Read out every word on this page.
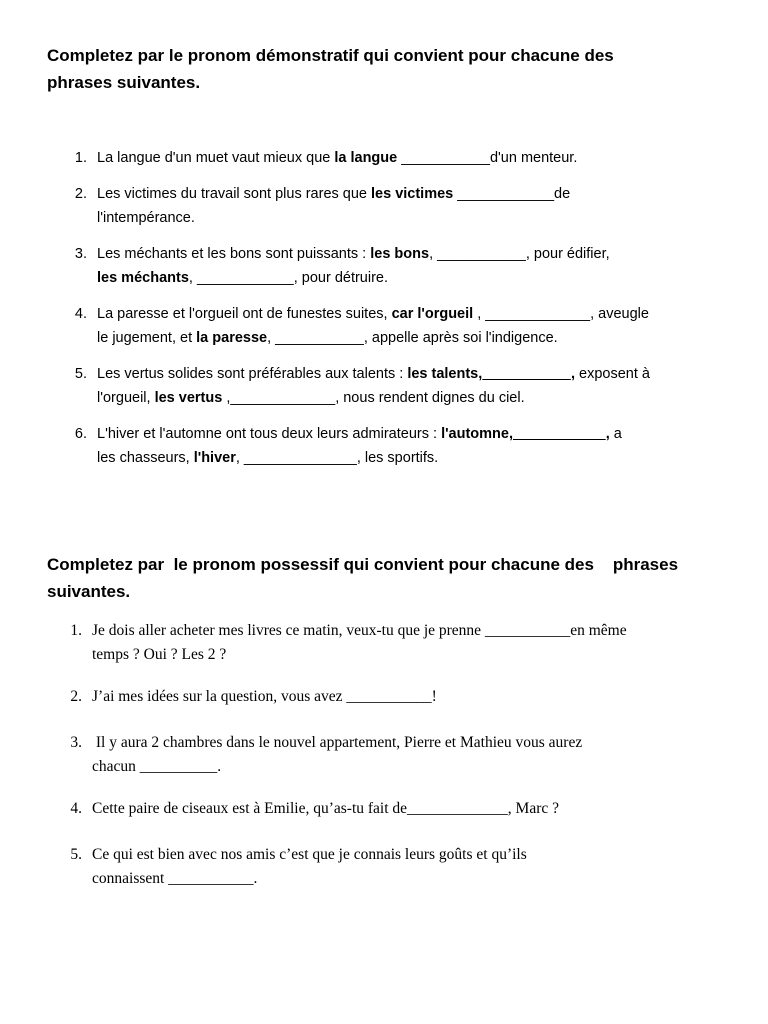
Completez par le pronom démonstratif qui convient pour chacune des
phrases suivantes.
1. La langue d'un muet vaut mieux que la langue ___________d'un menteur.
2. Les victimes du travail sont plus rares que les victimes ____________de
l'intempérance.
3. Les méchants et les bons sont puissants : les bons, ___________, pour édifier,
les méchants, ____________, pour détruire.
4. La paresse et l'orgueil ont de funestes suites, car l'orgueil , _____________, aveugle
le jugement, et la paresse, ___________, appelle après soi l'indigence.
5. Les vertus solides sont préférables aux talents : les talents,___________, exposent à
l'orgueil, les vertus ,_____________, nous rendent dignes du ciel.
6. L'hiver et l'automne ont tous deux leurs admirateurs : l'automne, ___________, a
les chasseurs, l'hiver, ______________, les sportifs.
Completez par  le pronom possessif qui convient pour chacune des    phrases
suivantes.
1. Je dois aller acheter mes livres ce matin, veux-tu que je prenne ___________en même
temps ? Oui ? Les 2 ?
2. J’ai mes idées sur la question, vous avez ___________!
3. Il y aura 2 chambres dans le nouvel appartement, Pierre et Mathieu vous aurez
chacun __________.
4. Cette paire de ciseaux est à Emilie, qu’as-tu fait de_____________, Marc ?
5. Ce qui est bien avec nos amis c’est que je connais leurs goûts et qu’ils
connaissent ___________.
